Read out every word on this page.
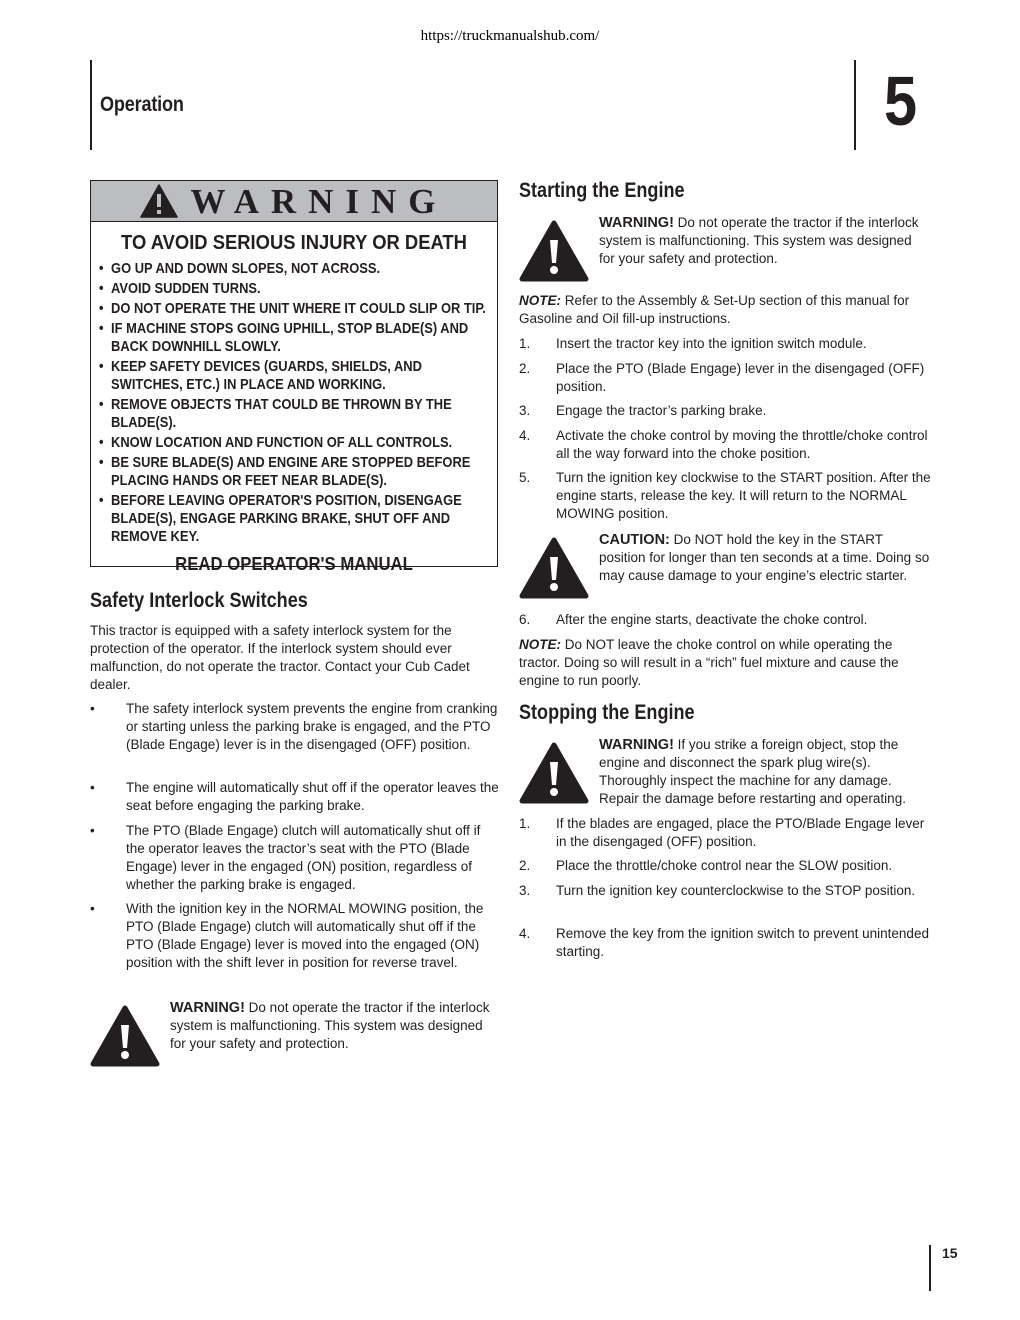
https://truckmanualshub.com/
Operation	5
WARNING
TO AVOID SERIOUS INJURY OR DEATH
• GO UP AND DOWN SLOPES, NOT ACROSS.
• AVOID SUDDEN TURNS.
• DO NOT OPERATE THE UNIT WHERE IT COULD SLIP OR TIP.
• IF MACHINE STOPS GOING UPHILL, STOP BLADE(S) AND BACK DOWNHILL SLOWLY.
• KEEP SAFETY DEVICES (GUARDS, SHIELDS, AND SWITCHES, ETC.) IN PLACE AND WORKING.
• REMOVE OBJECTS THAT COULD BE THROWN BY THE BLADE(S).
• KNOW LOCATION AND FUNCTION OF ALL CONTROLS.
• BE SURE BLADE(S) AND ENGINE ARE STOPPED BEFORE PLACING HANDS OR FEET NEAR BLADE(S).
• BEFORE LEAVING OPERATOR'S POSITION, DISENGAGE BLADE(S), ENGAGE PARKING BRAKE, SHUT OFF AND REMOVE KEY.
READ OPERATOR'S MANUAL
Safety Interlock Switches

This tractor is equipped with a safety interlock system for the protection of the operator. If the interlock system should ever malfunction, do not operate the tractor. Contact your Cub Cadet dealer.

• The safety interlock system prevents the engine from cranking or starting unless the parking brake is engaged, and the PTO (Blade Engage) lever is in the disengaged (OFF) position.
• The engine will automatically shut off if the operator leaves the seat before engaging the parking brake.
• The PTO (Blade Engage) clutch will automatically shut off if the operator leaves the tractor’s seat with the PTO (Blade Engage) lever in the engaged (ON) position, regardless of whether the parking brake is engaged.
• With the ignition key in the NORMAL MOWING position, the PTO (Blade Engage) clutch will automatically shut off if the PTO (Blade Engage) lever is moved into the engaged (ON) position with the shift lever in position for reverse travel.
WARNING! Do not operate the tractor if the interlock system is malfunctioning. This system was designed for your safety and protection.
Starting the Engine
WARNING! Do not operate the tractor if the interlock system is malfunctioning. This system was designed for your safety and protection.

NOTE: Refer to the Assembly & Set-Up section of this manual for Gasoline and Oil fill-up instructions.

1. Insert the tractor key into the ignition switch module.
2. Place the PTO (Blade Engage) lever in the disengaged (OFF) position.
3. Engage the tractor’s parking brake.
4. Activate the choke control by moving the throttle/choke control all the way forward into the choke position.
5. Turn the ignition key clockwise to the START position. After the engine starts, release the key. It will return to the NORMAL MOWING position.
CAUTION: Do NOT hold the key in the START position for longer than ten seconds at a time. Doing so may cause damage to your engine’s electric starter.
6. After the engine starts, deactivate the choke control.

NOTE: Do NOT leave the choke control on while operating the tractor. Doing so will result in a “rich” fuel mixture and cause the engine to run poorly.

Stopping the Engine
WARNING! If you strike a foreign object, stop the engine and disconnect the spark plug wire(s). Thoroughly inspect the machine for any damage. Repair the damage before restarting and operating.
1. If the blades are engaged, place the PTO/Blade Engage lever in the disengaged (OFF) position.
2. Place the throttle/choke control near the SLOW position.
3. Turn the ignition key counterclockwise to the STOP position.
4. Remove the key from the ignition switch to prevent unintended starting.
15
